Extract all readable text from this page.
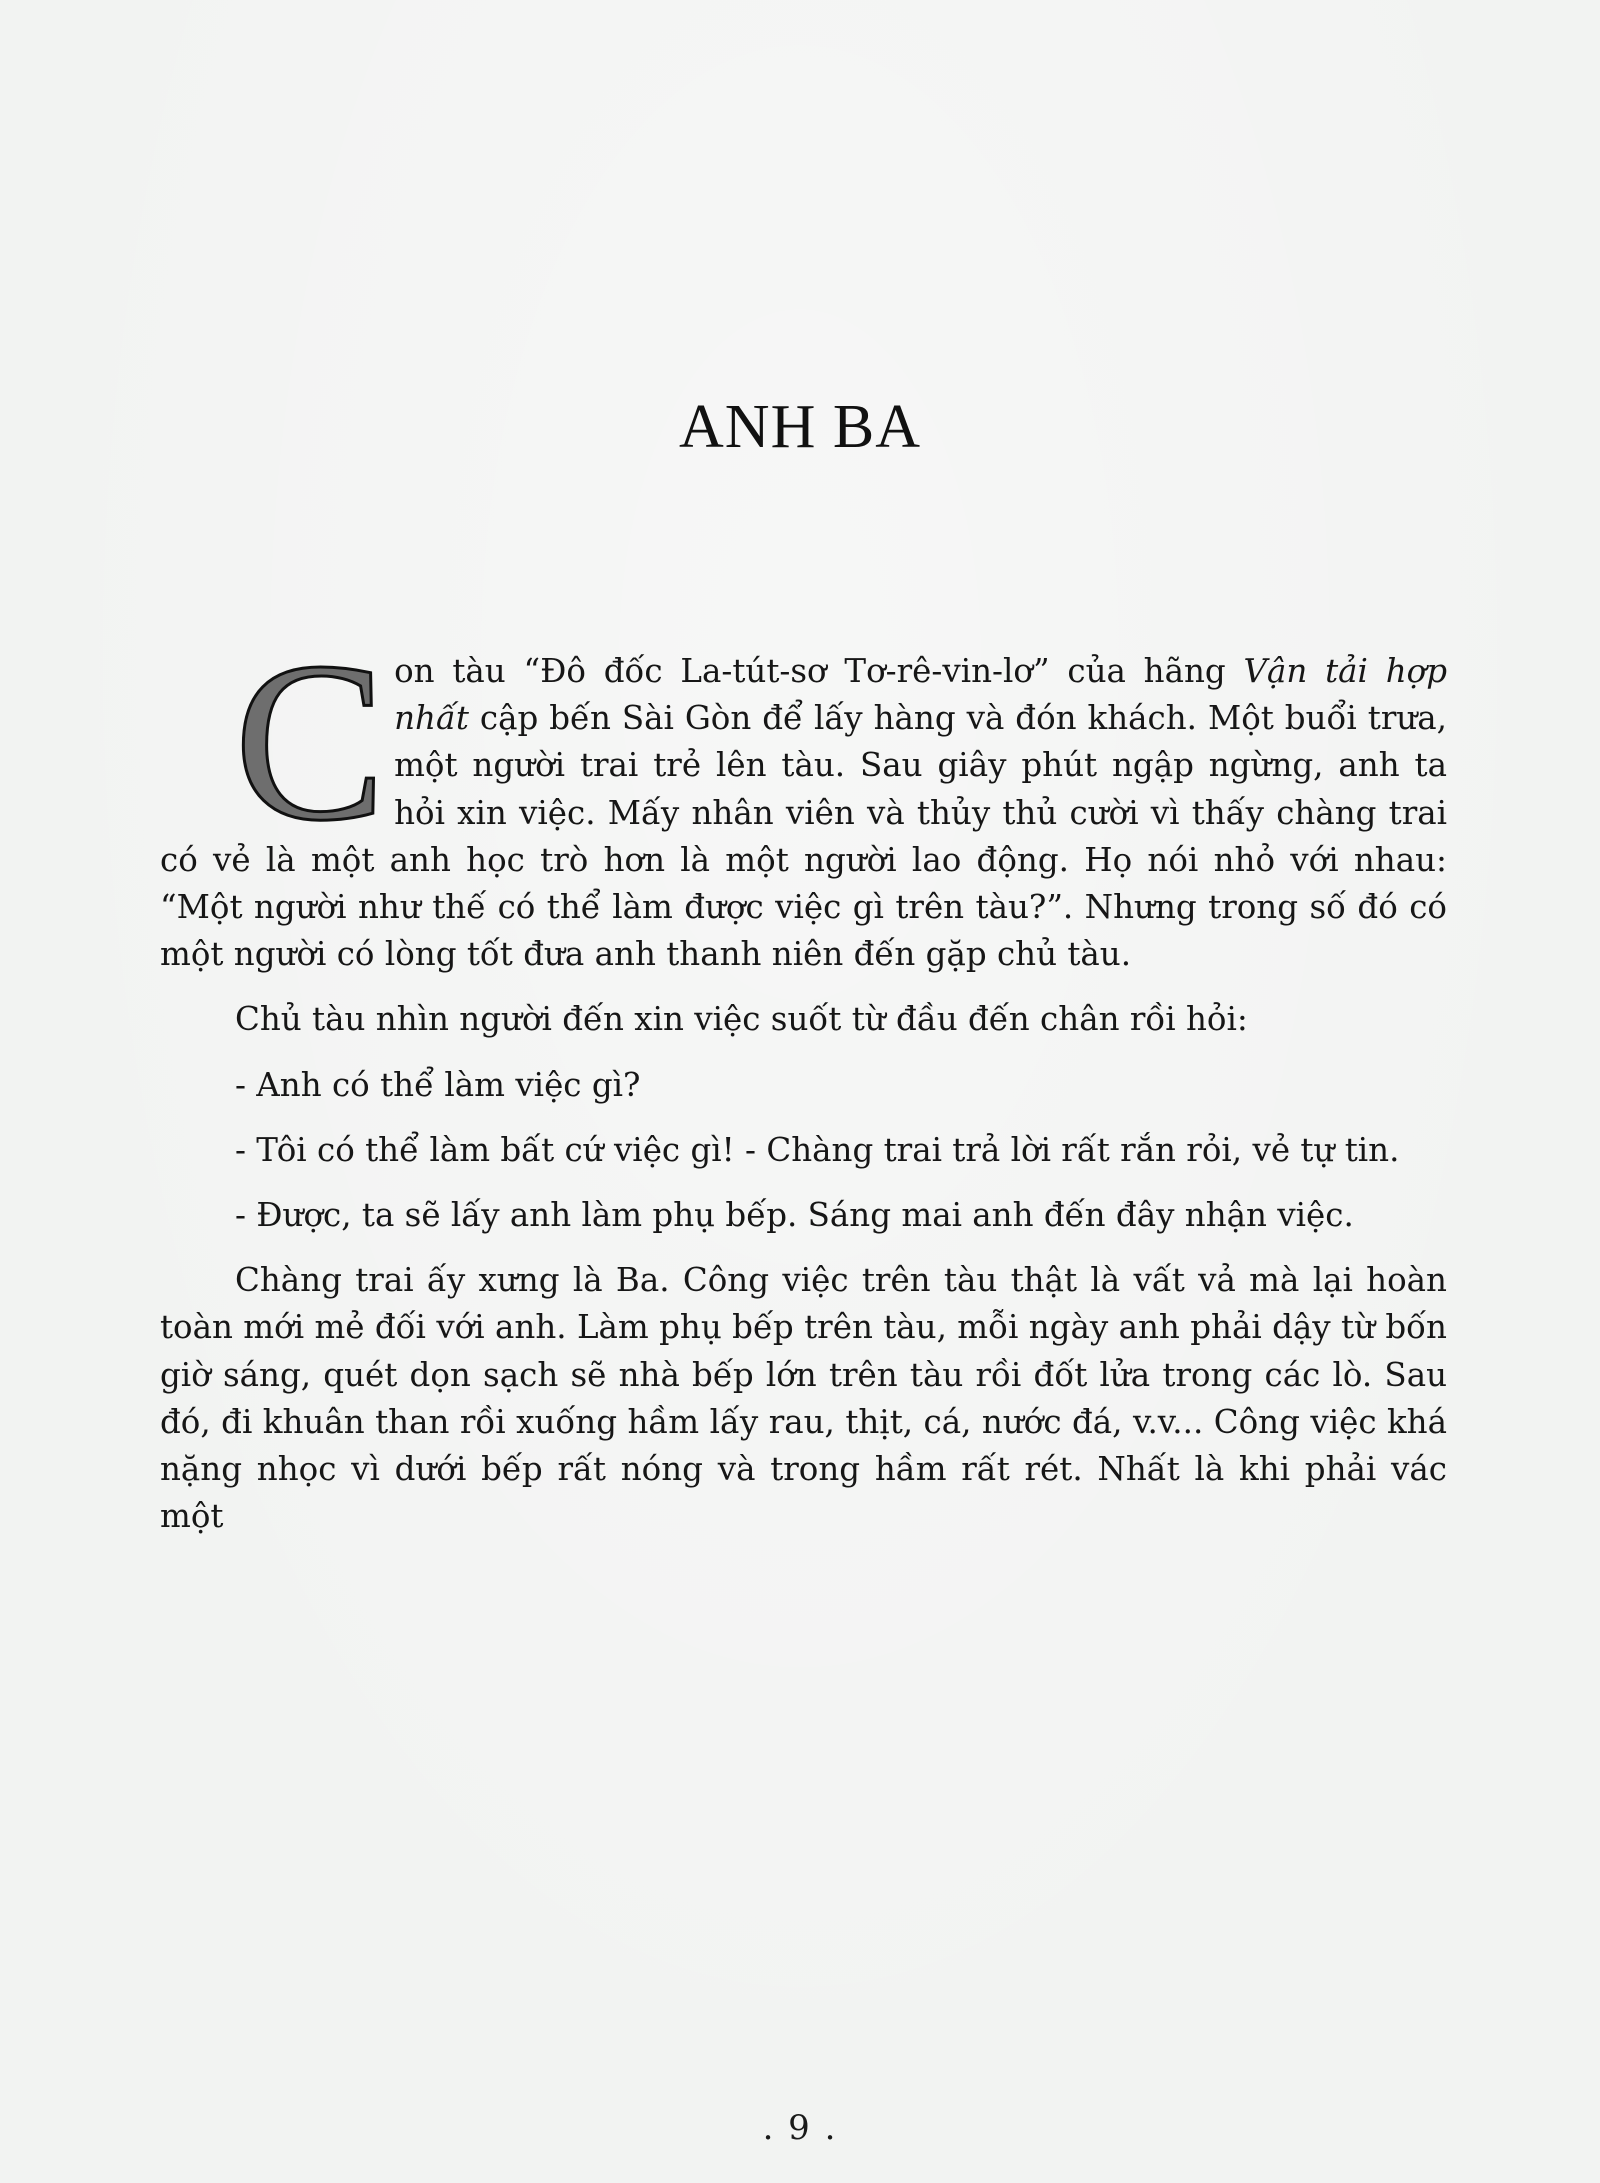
ANH BA

Con tàu “Đô đốc La-tút-sơ Tơ-rê-vin-lơ” của hãng Vận tải hợp nhất cập bến Sài Gòn để lấy hàng và đón khách. Một buổi trưa, một người trai trẻ lên tàu. Sau giây phút ngập ngừng, anh ta hỏi xin việc. Mấy nhân viên và thủy thủ cười vì thấy chàng trai có vẻ là một anh học trò hơn là một người lao động. Họ nói nhỏ với nhau: “Một người như thế có thể làm được việc gì trên tàu?”. Nhưng trong số đó có một người có lòng tốt đưa anh thanh niên đến gặp chủ tàu.

Chủ tàu nhìn người đến xin việc suốt từ đầu đến chân rồi hỏi:

- Anh có thể làm việc gì?

- Tôi có thể làm bất cứ việc gì! - Chàng trai trả lời rất rắn rỏi, vẻ tự tin.

- Được, ta sẽ lấy anh làm phụ bếp. Sáng mai anh đến đây nhận việc.

Chàng trai ấy xưng là Ba. Công việc trên tàu thật là vất vả mà lại hoàn toàn mới mẻ đối với anh. Làm phụ bếp trên tàu, mỗi ngày anh phải dậy từ bốn giờ sáng, quét dọn sạch sẽ nhà bếp lớn trên tàu rồi đốt lửa trong các lò. Sau đó, đi khuân than rồi xuống hầm lấy rau, thịt, cá, nước đá, v.v... Công việc khá nặng nhọc vì dưới bếp rất nóng và trong hầm rất rét. Nhất là khi phải vác một

. 9 .
